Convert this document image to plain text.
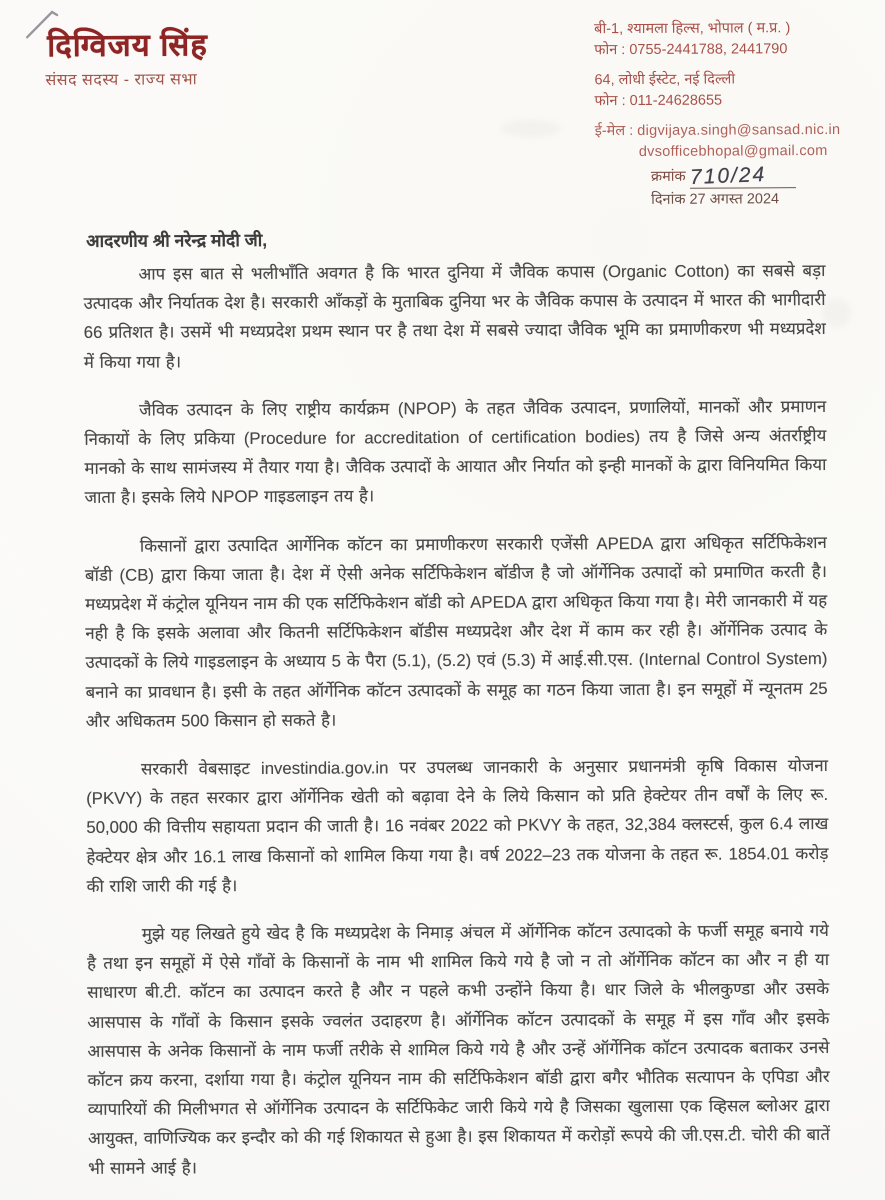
दिग्विजय सिंह
संसद सदस्य - राज्य सभा
बी-1, श्यामला हिल्स, भोपाल ( म.प्र. )
फोन : 0755-2441788, 2441790
64, लोधी ईस्टेट, नई दिल्ली
फोन : 011-24628655
ई-मेल : digvijaya.singh@sansad.nic.in
dvsofficebhopal@gmail.com
क्रमांक 710/24
दिनांक 27 अगस्त 2024

आदरणीय श्री नरेन्द्र मोदी जी,

आप इस बात से भलीभाँति अवगत है कि भारत दुनिया में जैविक कपास (Organic Cotton) का सबसे बड़ा उत्पादक और निर्यातक देश है। सरकारी आँकड़ों के मुताबिक दुनिया भर के जैविक कपास के उत्पादन में भारत की भागीदारी 66 प्रतिशत है। उसमें भी मध्यप्रदेश प्रथम स्थान पर है तथा देश में सबसे ज्यादा जैविक भूमि का प्रमाणीकरण भी मध्यप्रदेश में किया गया है।

जैविक उत्पादन के लिए राष्ट्रीय कार्यक्रम (NPOP) के तहत जैविक उत्पादन, प्रणालियों, मानकों और प्रमाणन निकायों के लिए प्रकिया (Procedure for accreditation of certification bodies) तय है जिसे अन्य अंतर्राष्ट्रीय मानको के साथ सामंजस्य में तैयार गया है। जैविक उत्पादों के आयात और निर्यात को इन्ही मानकों के द्वारा विनियमित किया जाता है। इसके लिये NPOP गाइडलाइन तय है।

किसानों द्वारा उत्पादित आर्गेनिक कॉटन का प्रमाणीकरण सरकारी एजेंसी APEDA द्वारा अधिकृत सर्टिफिकेशन बॉडी (CB) द्वारा किया जाता है। देश में ऐसी अनेक सर्टिफिकेशन बॉडीज है जो ऑर्गेनिक उत्पादों को प्रमाणित करती है। मध्यप्रदेश में कंट्रोल यूनियन नाम की एक सर्टिफिकेशन बॉडी को APEDA द्वारा अधिकृत किया गया है। मेरी जानकारी में यह नही है कि इसके अलावा और कितनी सर्टिफिकेशन बॉडीस मध्यप्रदेश और देश में काम कर रही है। ऑर्गेनिक उत्पाद के उत्पादकों के लिये गाइडलाइन के अध्याय 5 के पैरा (5.1), (5.2) एवं (5.3) में आई.सी.एस. (Internal Control System) बनाने का प्रावधान है। इसी के तहत ऑर्गेनिक कॉटन उत्पादकों के समूह का गठन किया जाता है। इन समूहों में न्यूनतम 25 और अधिकतम 500 किसान हो सकते है।

सरकारी वेबसाइट investindia.gov.in पर उपलब्ध जानकारी के अनुसार प्रधानमंत्री कृषि विकास योजना (PKVY) के तहत सरकार द्वारा ऑर्गेनिक खेती को बढ़ावा देने के लिये किसान को प्रति हेक्टेयर तीन वर्षों के लिए रू. 50,000 की वित्तीय सहायता प्रदान की जाती है। 16 नवंबर 2022 को PKVY के तहत, 32,384 क्लस्टर्स, कुल 6.4 लाख हेक्टेयर क्षेत्र और 16.1 लाख किसानों को शामिल किया गया है। वर्ष 2022–23 तक योजना के तहत रू. 1854.01 करोड़ की राशि जारी की गई है।

मुझे यह लिखते हुये खेद है कि मध्यप्रदेश के निमाड़ अंचल में ऑर्गेनिक कॉटन उत्पादको के फर्जी समूह बनाये गये है तथा इन समूहों में ऐसे गाँवों के किसानों के नाम भी शामिल किये गये है जो न तो ऑर्गेनिक कॉटन का और न ही या साधारण बी.टी. कॉटन का उत्पादन करते है और न पहले कभी उन्होंने किया है। धार जिले के भीलकुण्डा और उसके आसपास के गाँवों के किसान इसके ज्वलंत उदाहरण है। ऑर्गेनिक कॉटन उत्पादकों के समूह में इस गाँव और इसके आसपास के अनेक किसानों के नाम फर्जी तरीके से शामिल किये गये है और उन्हें ऑर्गेनिक कॉटन उत्पादक बताकर उनसे कॉटन क्रय करना, दर्शाया गया है। कंट्रोल यूनियन नाम की सर्टिफिकेशन बॉडी द्वारा बगैर भौतिक सत्यापन के एपिडा और व्यापारियों की मिलीभगत से ऑर्गेनिक उत्पादन के सर्टिफिकेट जारी किये गये है जिसका खुलासा एक व्हिसल ब्लोअर द्वारा आयुक्त, वाणिज्यिक कर इन्दौर को की गई शिकायत से हुआ है। इस शिकायत में करोड़ों रूपये की जी.एस.टी. चोरी की बातें भी सामने आई है।
